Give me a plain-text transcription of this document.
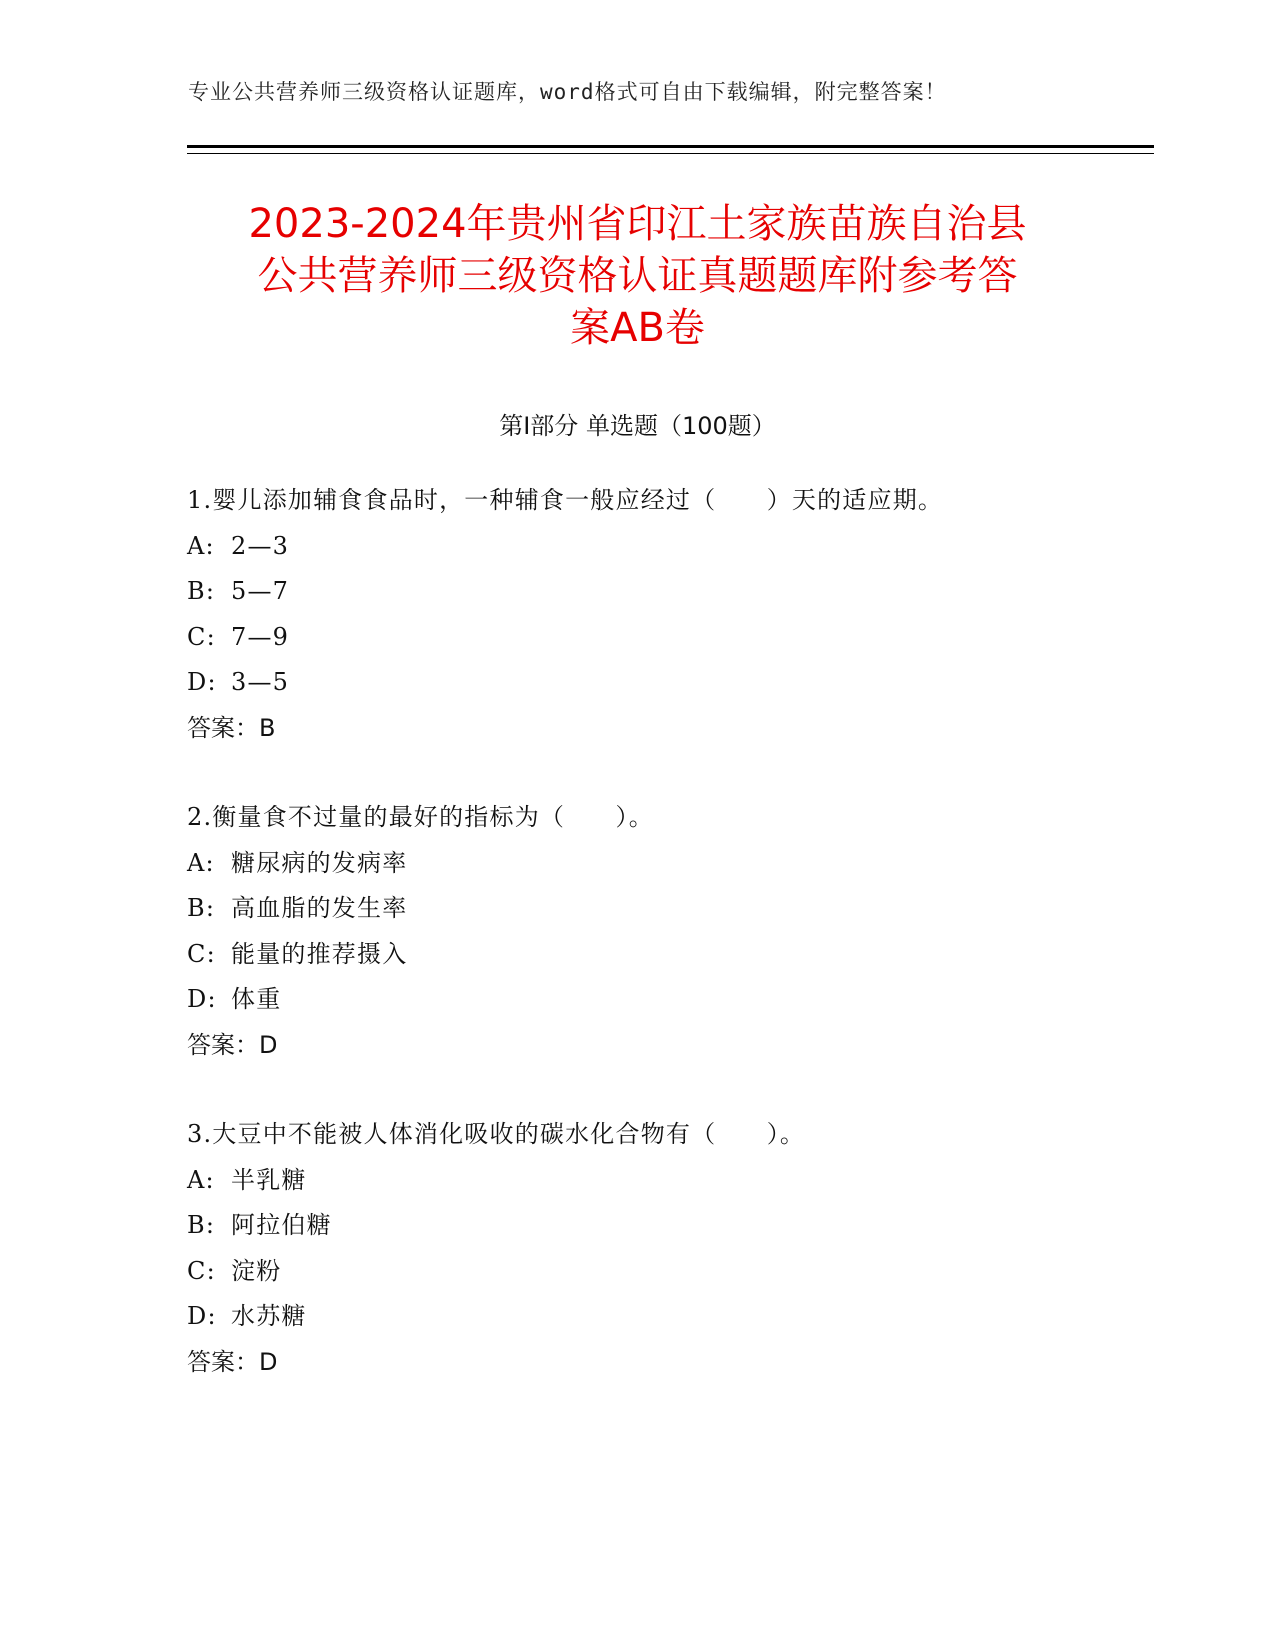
专业公共营养师三级资格认证题库，word格式可自由下载编辑，附完整答案！
2023-2024年贵州省印江土家族苗族自治县
公共营养师三级资格认证真题题库附参考答
案AB卷
第I部分 单选题（100题）
1.婴儿添加辅食食品时，一种辅食一般应经过（　　）天的适应期。
A: 2—3
B: 5—7
C: 7—9
D: 3—5
答案：B
2.衡量食不过量的最好的指标为（　　）。
A: 糖尿病的发病率
B: 高血脂的发生率
C: 能量的推荐摄入
D: 体重
答案：D
3.大豆中不能被人体消化吸收的碳水化合物有（　　）。
A: 半乳糖
B: 阿拉伯糖
C: 淀粉
D: 水苏糖
答案：D
